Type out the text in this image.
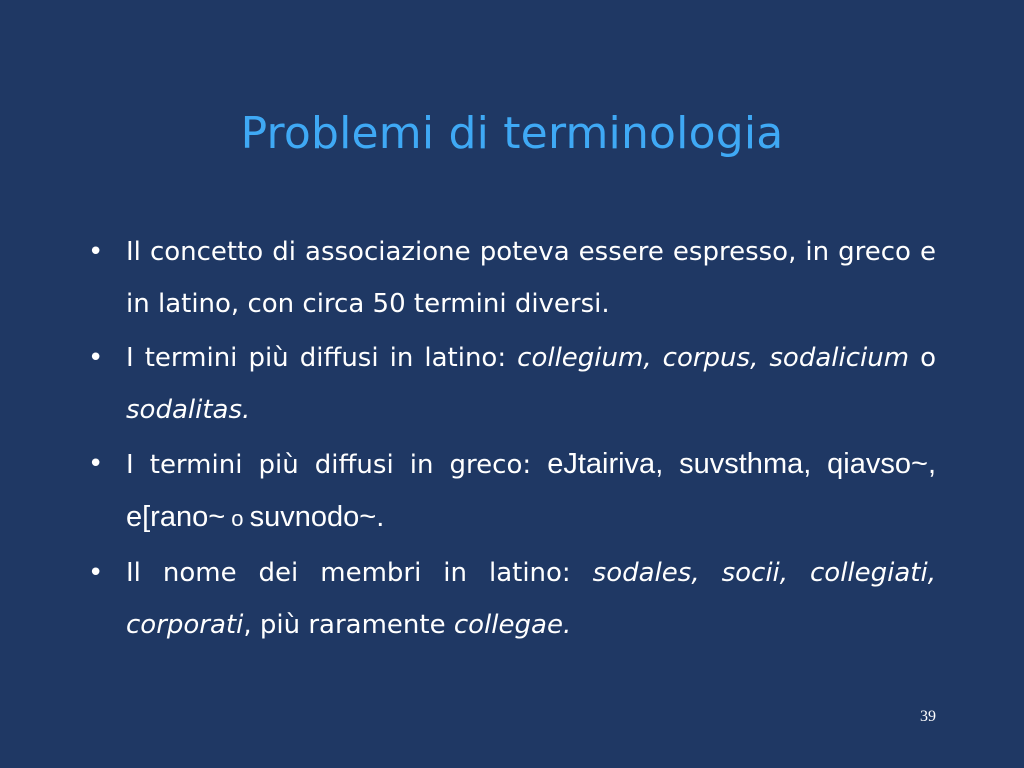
Problemi di terminologia
• Il concetto di associazione poteva essere espresso, in greco e in latino, con circa 50 termini diversi.
• I termini più diffusi in latino: collegium, corpus, sodalicium o sodalitas.
• I termini più diffusi in greco: eJtairiva, suvsthma, qiavso~, e[rano~ o suvnodo~.
• Il nome dei membri in latino: sodales, socii, collegiati, corporati, più raramente collegae.
39
